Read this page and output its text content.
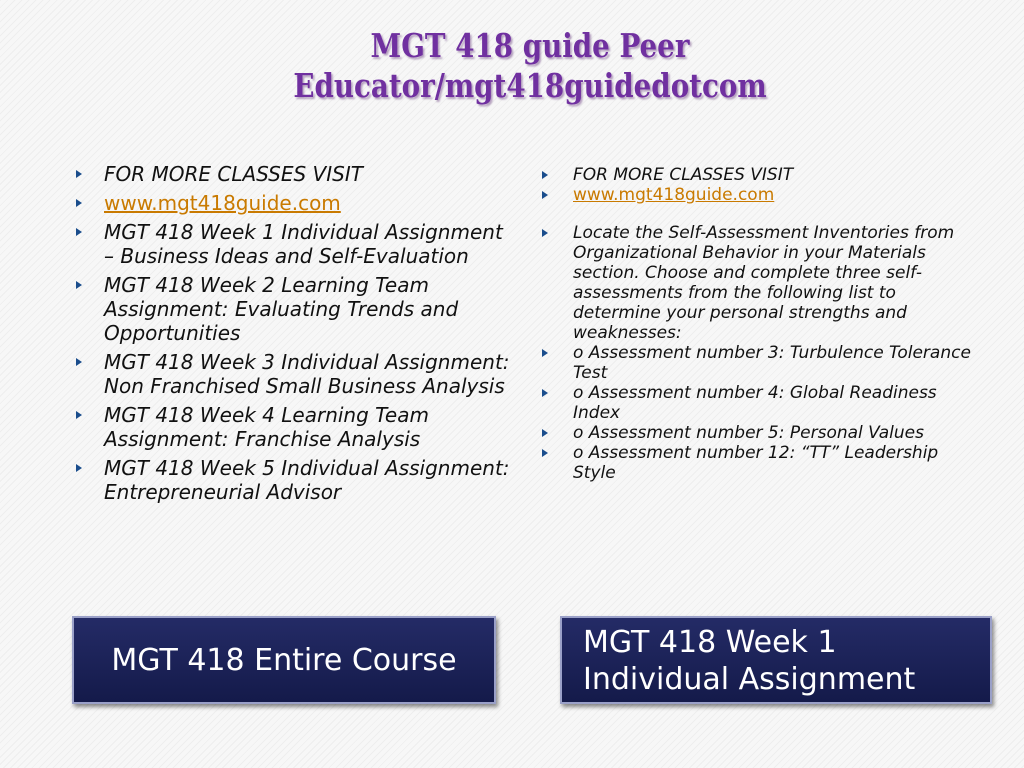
MGT 418 guide Peer
Educator/mgt418guidedotcom
FOR MORE CLASSES VISIT
www.mgt418guide.com
MGT 418 Week 1 Individual Assignment – Business Ideas and Self-Evaluation
MGT 418 Week 2 Learning Team Assignment: Evaluating Trends and Opportunities
MGT 418 Week 3 Individual Assignment: Non Franchised Small Business Analysis
MGT 418 Week 4 Learning Team Assignment: Franchise Analysis
MGT 418 Week 5 Individual Assignment: Entrepreneurial Advisor
FOR MORE CLASSES VISIT
www.mgt418guide.com
Locate the Self-Assessment Inventories from Organizational Behavior in your Materials section. Choose and complete three self-assessments from the following list to determine your personal strengths and weaknesses:
o Assessment number 3: Turbulence Tolerance Test
o Assessment number 4: Global Readiness Index
o Assessment number 5: Personal Values
o Assessment number 12: “TT” Leadership Style
MGT 418 Entire Course	MGT 418 Week 1
Individual Assignment
